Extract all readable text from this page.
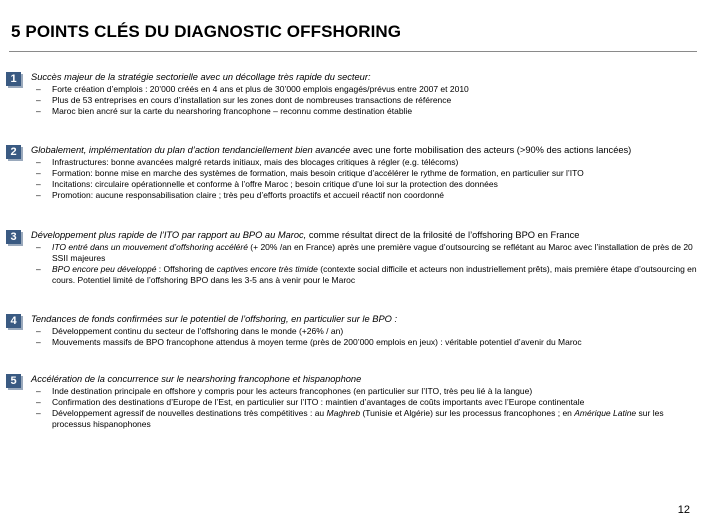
5 POINTS CLÉS DU DIAGNOSTIC OFFSHORING
1	Succès majeur de la stratégie sectorielle avec un décollage très rapide du secteur:
– Forte création d’emplois : 20’000 créés en 4 ans et plus de 30’000 emplois engagés/prévus entre 2007 et 2010
– Plus de 53 entreprises en cours d’installation sur les zones dont de nombreuses transactions de référence
– Maroc bien ancré sur la carte du nearshoring francophone – reconnu comme destination établie
2	Globalement, implémentation du plan d’action tendanciellement bien avancée avec une forte mobilisation des acteurs (>90% des actions lancées)
– Infrastructures: bonne avancées malgré retards initiaux, mais des blocages critiques à régler (e.g. télécoms)
– Formation: bonne mise en marche des systèmes de formation, mais besoin critique d’accélérer le rythme de formation, en particulier sur l’ITO
– Incitations: circulaire opérationnelle et conforme à l’offre Maroc ; besoin critique d’une loi sur la protection des données
– Promotion: aucune responsabilisation claire ; très peu d’efforts proactifs et accueil réactif non coordonné
3	Développement plus rapide de l’ITO par rapport au BPO au Maroc, comme résultat direct de la frilosité de l’offshoring BPO en France
– ITO entré dans un mouvement d’offshoring accéléré (+ 20% /an en France) après une première vague d’outsourcing se reflétant au Maroc avec l’installation de près de 20 SSII majeures
– BPO encore peu développé : Offshoring de captives encore très timide (contexte social difficile et acteurs non industriellement prêts), mais première étape d’outsourcing en cours. Potentiel limité de l’offshoring BPO dans les 3-5 ans à venir pour le Maroc
4	Tendances de fonds confirmées sur le potentiel de l’offshoring, en particulier sur le BPO :
– Développement continu du secteur de l’offshoring dans le monde (+26% / an)
– Mouvements massifs de BPO francophone attendus à moyen terme (près de 200’000 emplois en jeux) : véritable potentiel d’avenir du Maroc
5	Accélération de la concurrence sur le nearshoring francophone et hispanophone
– Inde destination principale en offshore y compris pour les acteurs francophones (en particulier sur l’ITO, très peu lié à la langue)
– Confirmation des destinations d’Europe de l’Est, en particulier sur l’ITO : maintien d’avantages de coûts importants avec l’Europe continentale
– Développement agressif de nouvelles destinations très compétitives : au Maghreb (Tunisie et Algérie) sur les processus francophones ; en Amérique Latine sur les processus hispanophones
12
